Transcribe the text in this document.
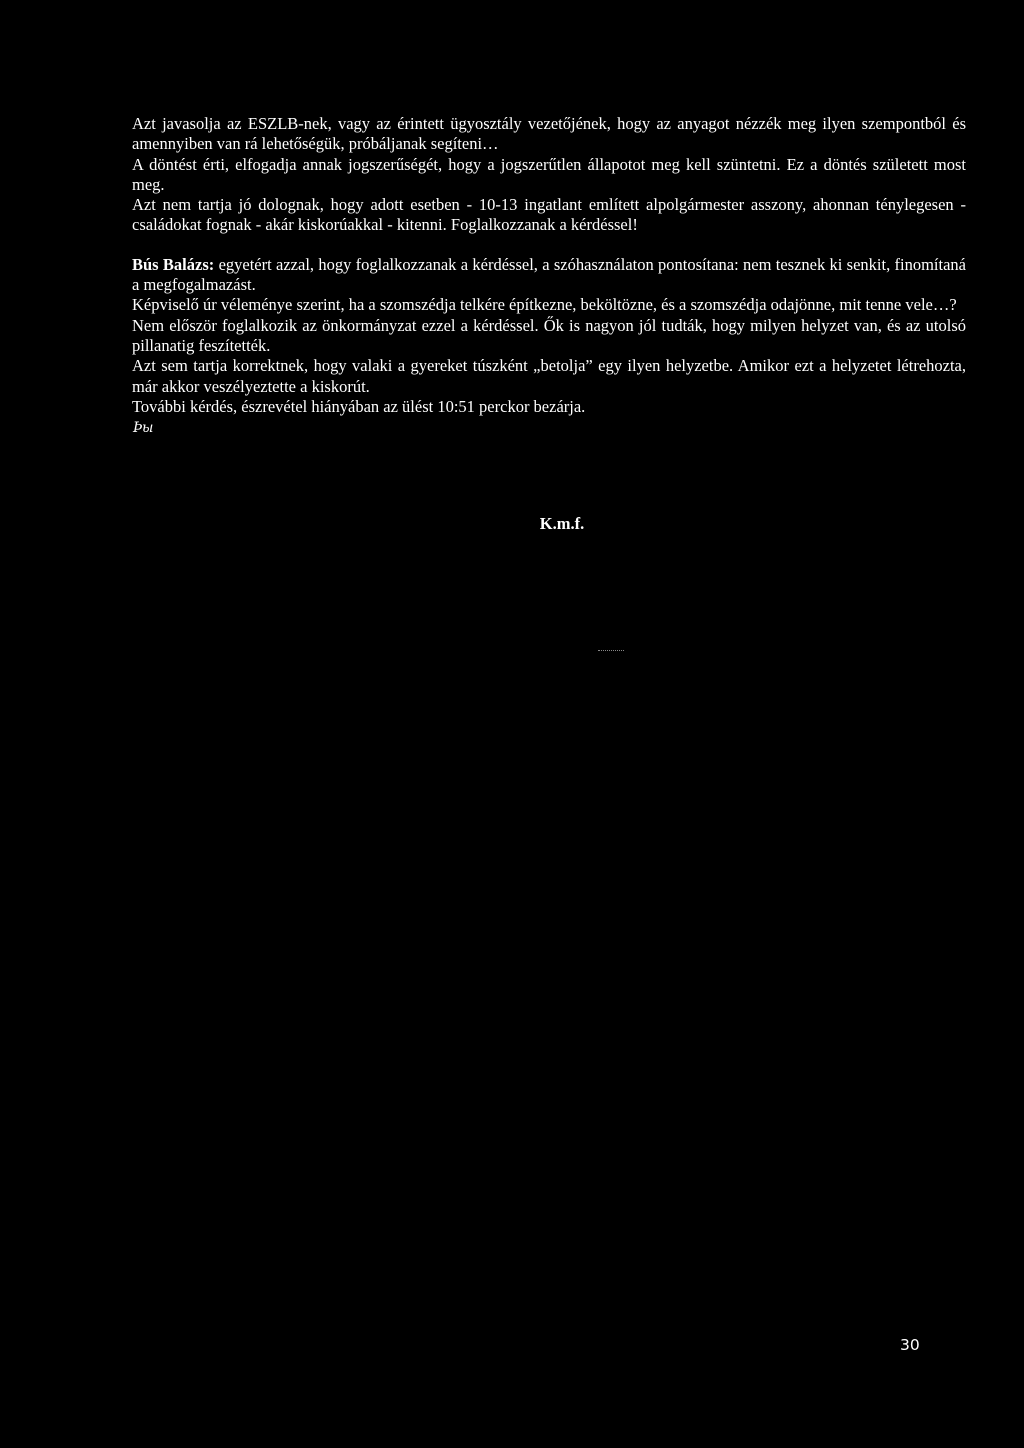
Azt javasolja az ESZLB-nek, vagy az érintett ügyosztály vezetőjének, hogy az anyagot nézzék meg ilyen szempontból és amennyiben van rá lehetőségük, próbáljanak segíteni…

A döntést érti, elfogadja annak jogszerűségét, hogy a jogszerűtlen állapotot meg kell szüntetni. Ez a döntés született most meg.

Azt nem tartja jó dolognak, hogy adott esetben - 10-13 ingatlant említett alpolgármester asszony, ahonnan ténylegesen - családokat fognak - akár kiskorúakkal - kitenni. Foglalkozzanak a kérdéssel!

Bús Balázs: egyetért azzal, hogy foglalkozzanak a kérdéssel, a szóhasználaton pontosítana: nem tesznek ki senkit, finomítaná a megfogalmazást.

Képviselő úr véleménye szerint, ha a szomszédja telkére építkezne, beköltözne, és a szomszédja odajönne, mit tenne vele…?

Nem először foglalkozik az önkormányzat ezzel a kérdéssel. Ők is nagyon jól tudták, hogy milyen helyzet van, és az utolsó pillanatig feszítették.

Azt sem tartja korrektnek, hogy valaki a gyereket túszként „betolja” egy ilyen helyzetbe. Amikor ezt a helyzetet létrehozta, már akkor veszélyeztette a kiskorút.

További kérdés, észrevétel hiányában az ülést 10:51 perckor bezárja.

Þы
K.m.f.
30
